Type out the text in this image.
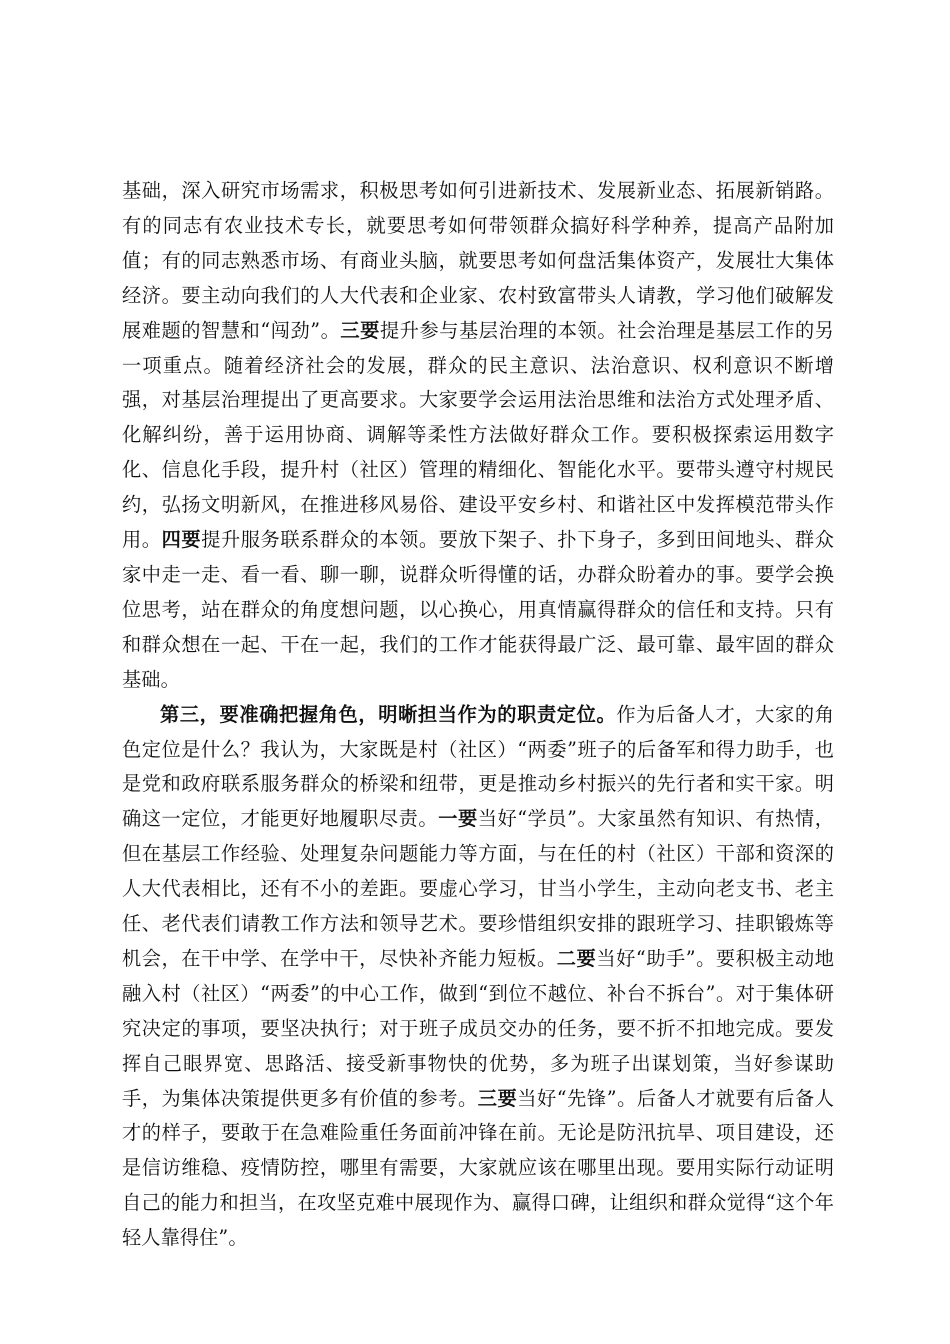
基础，深入研究市场需求，积极思考如何引进新技术、发展新业态、拓展新销路。有的同志有农业技术专长，就要思考如何带领群众搞好科学种养，提高产品附加值；有的同志熟悉市场、有商业头脑，就要思考如何盘活集体资产，发展壮大集体经济。要主动向我们的人大代表和企业家、农村致富带头人请教，学习他们破解发展难题的智慧和“闯劲”。三要提升参与基层治理的本领。社会治理是基层工作的另一项重点。随着经济社会的发展，群众的民主意识、法治意识、权利意识不断增强，对基层治理提出了更高要求。大家要学会运用法治思维和法治方式处理矛盾、化解纠纷，善于运用协商、调解等柔性方法做好群众工作。要积极探索运用数字化、信息化手段，提升村（社区）管理的精细化、智能化水平。要带头遵守村规民约，弘扬文明新风，在推进移风易俗、建设平安乡村、和谐社区中发挥模范带头作用。四要提升服务联系群众的本领。要放下架子、扑下身子，多到田间地头、群众家中走一走、看一看、聊一聊，说群众听得懂的话，办群众盼着办的事。要学会换位思考，站在群众的角度想问题，以心换心，用真情赢得群众的信任和支持。只有和群众想在一起、干在一起，我们的工作才能获得最广泛、最可靠、最牢固的群众基础。

第三，要准确把握角色，明晰担当作为的职责定位。作为后备人才，大家的角色定位是什么？我认为，大家既是村（社区）“两委”班子的后备军和得力助手，也是党和政府联系服务群众的桥梁和纽带，更是推动乡村振兴的先行者和实干家。明确这一定位，才能更好地履职尽责。一要当好“学员”。大家虽然有知识、有热情，但在基层工作经验、处理复杂问题能力等方面，与在任的村（社区）干部和资深的人大代表相比，还有不小的差距。要虚心学习，甘当小学生，主动向老支书、老主任、老代表们请教工作方法和领导艺术。要珍惜组织安排的跟班学习、挂职锻炼等机会，在干中学、在学中干，尽快补齐能力短板。二要当好“助手”。要积极主动地融入村（社区）“两委”的中心工作，做到“到位不越位、补台不拆台”。对于集体研究决定的事项，要坚决执行；对于班子成员交办的任务，要不折不扣地完成。要发挥自己眼界宽、思路活、接受新事物快的优势，多为班子出谋划策，当好参谋助手，为集体决策提供更多有价值的参考。三要当好“先锋”。后备人才就要有后备人才的样子，要敢于在急难险重任务面前冲锋在前。无论是防汛抗旱、项目建设，还是信访维稳、疫情防控，哪里有需要，大家就应该在哪里出现。要用实际行动证明自己的能力和担当，在攻坚克难中展现作为、赢得口碑，让组织和群众觉得“这个年轻人靠得住”。
